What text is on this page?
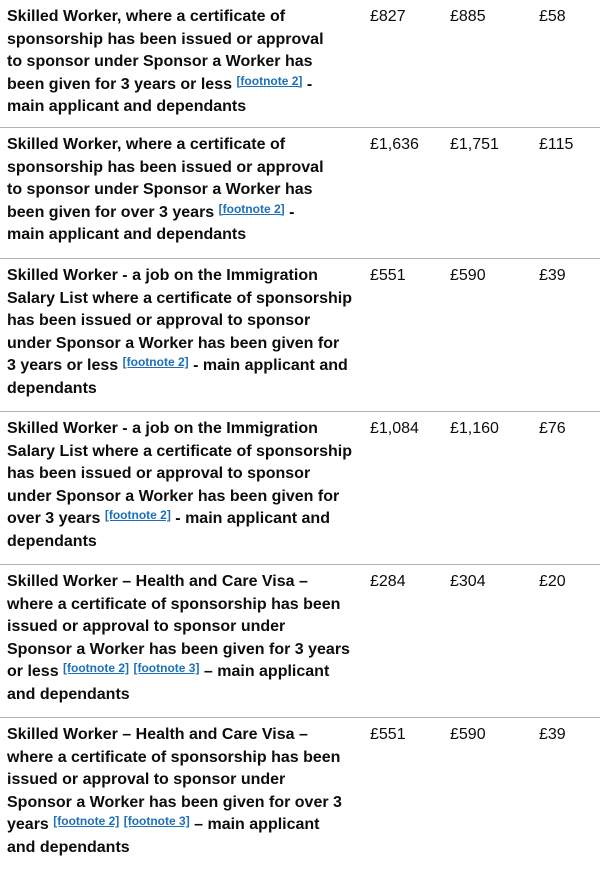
Skilled Worker, where a certificate of sponsorship has been issued or approval to sponsor under Sponsor a Worker has been given for 3 years or less [footnote 2] - main applicant and dependants
£827	£885	£58
Skilled Worker, where a certificate of sponsorship has been issued or approval to sponsor under Sponsor a Worker has been given for over 3 years [footnote 2] - main applicant and dependants
£1,636 £1,751	£115
Skilled Worker - a job on the Immigration Salary List where a certificate of sponsorship has been issued or approval to sponsor under Sponsor a Worker has been given for 3 years or less [footnote 2] - main applicant and dependants
£551	£590	£39
Skilled Worker - a job on the Immigration Salary List where a certificate of sponsorship has been issued or approval to sponsor under Sponsor a Worker has been given for over 3 years [footnote 2] - main applicant and dependants
£1,084 £1,160	£76
Skilled Worker – Health and Care Visa – where a certificate of sponsorship has been issued or approval to sponsor under Sponsor a Worker has been given for 3 years or less [footnote 2] [footnote 3] – main applicant and dependants
£284	£304	£20
Skilled Worker – Health and Care Visa – where a certificate of sponsorship has been issued or approval to sponsor under Sponsor a Worker has been given for over 3 years [footnote 2] [footnote 3] – main applicant and dependants
£551	£590	£39
